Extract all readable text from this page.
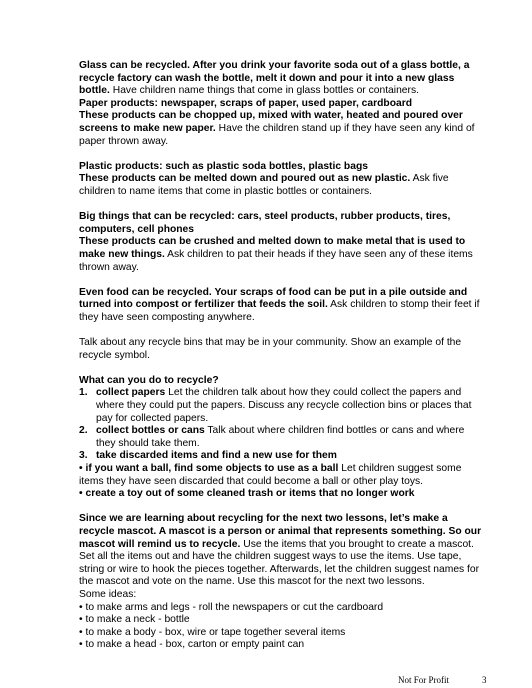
Glass can be recycled. After you drink your favorite soda out of a glass bottle, a recycle factory can wash the bottle, melt it down and pour it into a new glass bottle. Have children name things that come in glass bottles or containers.

Paper products: newspaper, scraps of paper, used paper, cardboard

These products can be chopped up, mixed with water, heated and poured over screens to make new paper. Have the children stand up if they have seen any kind of paper thrown away.

Plastic products: such as plastic soda bottles, plastic bags

These products can be melted down and poured out as new plastic. Ask five children to name items that come in plastic bottles or containers.

Big things that can be recycled: cars, steel products, rubber products, tires, computers, cell phones

These products can be crushed and melted down to make metal that is used to make new things. Ask children to pat their heads if they have seen any of these items thrown away.

Even food can be recycled. Your scraps of food can be put in a pile outside and turned into compost or fertilizer that feeds the soil. Ask children to stomp their feet if they have seen composting anywhere.

Talk about any recycle bins that may be in your community. Show an example of the recycle symbol.

What can you do to recycle?

1. collect papers Let the children talk about how they could collect the papers and where they could put the papers. Discuss any recycle collection bins or places that pay for collected papers.
2. collect bottles or cans Talk about where children find bottles or cans and where they should take them.
3. take discarded items and find a new use for them

• if you want a ball, find some objects to use as a ball Let children suggest some items they have seen discarded that could become a ball or other play toys.

• create a toy out of some cleaned trash or items that no longer work

Since we are learning about recycling for the next two lessons, let’s make a recycle mascot. A mascot is a person or animal that represents something. So our mascot will remind us to recycle. Use the items that you brought to create a mascot. Set all the items out and have the children suggest ways to use the items. Use tape, string or wire to hook the pieces together. Afterwards, let the children suggest names for the mascot and vote on the name. Use this mascot for the next two lessons.

Some ideas:

• to make arms and legs - roll the newspapers or cut the cardboard

• to make a neck - bottle

• to make a body - box, wire or tape together several items

• to make a head - box, carton or empty paint can

Not For Profit	3
